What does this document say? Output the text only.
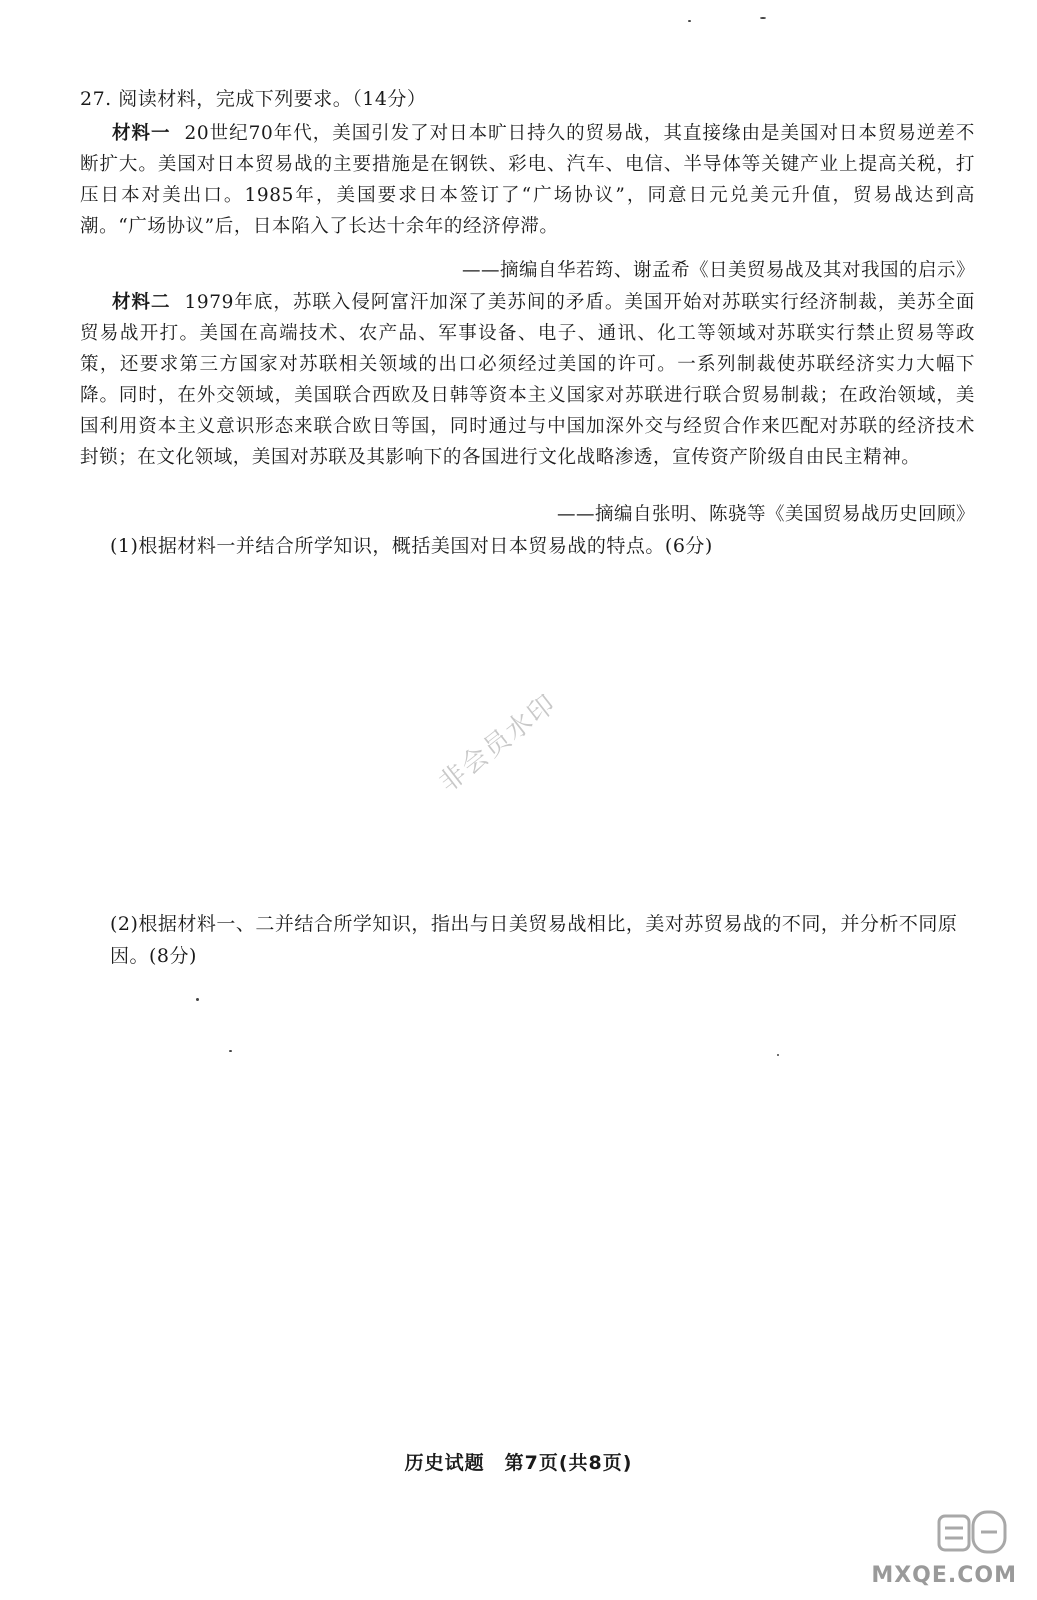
27. 阅读材料，完成下列要求。（14分）
材料一 20世纪70年代，美国引发了对日本旷日持久的贸易战，其直接缘由是美国对日本贸易逆差不断扩大。美国对日本贸易战的主要措施是在钢铁、彩电、汽车、电信、半导体等关键产业上提高关税，打压日本对美出口。1985年，美国要求日本签订了“广场协议”，同意日元兑美元升值，贸易战达到高潮。“广场协议”后，日本陷入了长达十余年的经济停滞。
——摘编自华若筠、谢孟希《日美贸易战及其对我国的启示》
材料二 1979年底，苏联入侵阿富汗加深了美苏间的矛盾。美国开始对苏联实行经济制裁，美苏全面贸易战开打。美国在高端技术、农产品、军事设备、电子、通讯、化工等领域对苏联实行禁止贸易等政策，还要求第三方国家对苏联相关领域的出口必须经过美国的许可。一系列制裁使苏联经济实力大幅下降。同时，在外交领域，美国联合西欧及日韩等资本主义国家对苏联进行联合贸易制裁；在政治领域，美国利用资本主义意识形态来联合欧日等国，同时通过与中国加深外交与经贸合作来匹配对苏联的经济技术封锁；在文化领域，美国对苏联及其影响下的各国进行文化战略渗透，宣传资产阶级自由民主精神。
——摘编自张明、陈骁等《美国贸易战历史回顾》
(1)根据材料一并结合所学知识，概括美国对日本贸易战的特点。(6分)
非会员水印
(2)根据材料一、二并结合所学知识，指出与日美贸易战相比，美对苏贸易战的不同，并分析不同原因。(8分)
历史试题　第7页(共8页)
MXQE.COM
